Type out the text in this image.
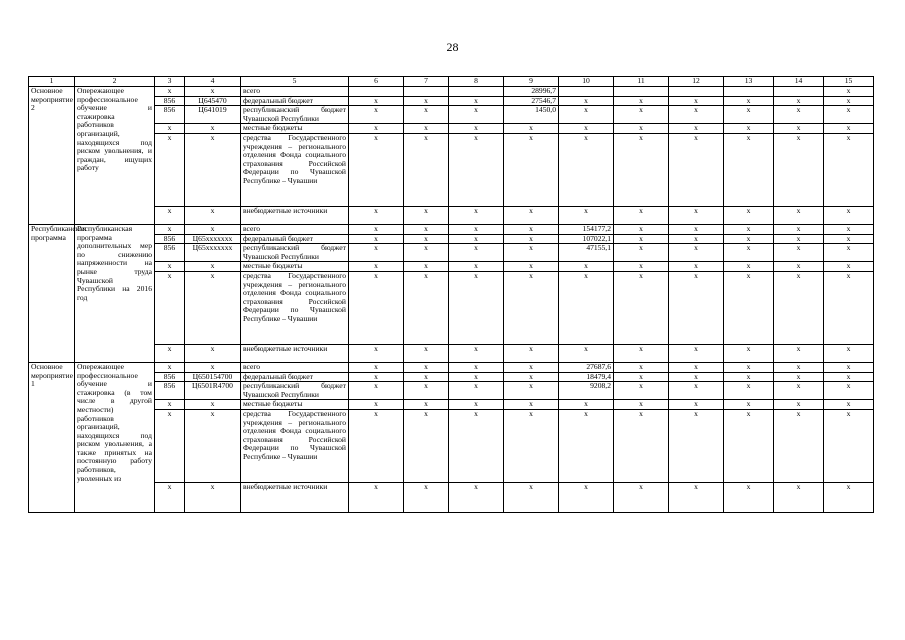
28
1	2	3	4	5	6	7	8	9	10	11	12	13	14	15
Основное мероприятие 2	Опережающее профессиональное обучение и стажировка работников организаций, находящихся под риском увольнения, и граждан, ищущих работу	x	x	всего				28996,7						x
		856	Ц645470	федеральный бюджет	x	x	x	27546,7	x	x	x	x	x	x
		856	Ц641019	республиканский бюджет Чувашской Республики	x	x	x	1450,0	x	x	x	x	x	x
		x	x	местные бюджеты	x	x	x	x	x	x	x	x	x	x
		x	x	средства Государственного учреждения – регионального отделения Фонда социального страхования Российской Федерации по Чувашской Республике – Чувашии	x	x	x	x	x	x	x	x	x	x
		x	x	внебюджетные источники	x	x	x	x	x	x	x	x	x	x
Республиканская программа	Республиканская программа дополнительных мер по снижению напряженности на рынке труда Чувашской Республики на 2016 год	x	x	всего	x	x	x	x	154177,2	x	x	x	x	x
		856	Ц65xxxxxxx	федеральный бюджет	x	x	x	x	107022,1	x	x	x	x	x
		856	Ц65xxxxxxx	республиканский бюджет Чувашской Республики	x	x	x	x	47155,1	x	x	x	x	x
		x	x	местные бюджеты	x	x	x	x	x	x	x	x	x	x
		x	x	средства Государственного учреждения – регионального отделения Фонда социального страхования Российской Федерации по Чувашской Республике – Чувашии	x	x	x	x	x	x	x	x	x	x
		x	x	внебюджетные источники	x	x	x	x	x	x	x	x	x	x
Основное мероприятие 1	Опережающее профессиональное обучение и стажировка (в том числе в другой местности) работников организаций, находящихся под риском увольнения, а также принятых на постоянную работу работников, уволенных из	x	x	всего	x	x	x	x	27687,6	x	x	x	x	x
		856	Ц650154700	федеральный бюджет	x	x	x	x	18479,4	x	x	x	x	x
		856	Ц6501R4700	республиканский бюджет Чувашской Республики	x	x	x	x	9208,2	x	x	x	x	x
		x	x	местные бюджеты	x	x	x	x	x	x	x	x	x	x
		x	x	средства Государственного учреждения – регионального отделения Фонда социального страхования Российской Федерации по Чувашской Республике – Чувашии	x	x	x	x	x	x	x	x	x	x
		x	x	внебюджетные источники	x	x	x	x	x	x	x	x	x	x
